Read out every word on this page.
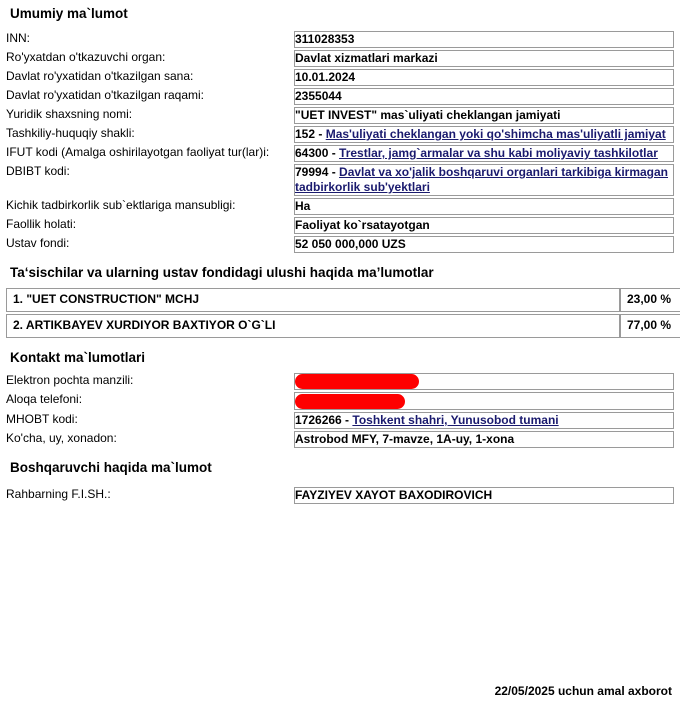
Umumiy ma`lumot
INN:	311028353
Ro'yxatdan o'tkazuvchi organ:	Davlat xizmatlari markazi
Davlat ro'yxatidan o'tkazilgan sana:	10.01.2024
Davlat ro'yxatidan o'tkazilgan raqami:	2355044
Yuridik shaxsning nomi:	"UET INVEST" mas`uliyati cheklangan jamiyati
Tashkiliy-huquqiy shakli:	152 - Mas'uliyati cheklangan yoki qo'shimcha mas'uliyatli jamiyat
IFUT kodi (Amalga oshirilayotgan faoliyat tur(lar)i:	64300 - Trestlar, jamg`armalar va shu kabi moliyaviy tashkilotlar
DBIBT kodi:	79994 - Davlat va xo'jalik boshqaruvi organlari tarkibiga kirmagan tadbirkorlik sub'yektlari
Kichik tadbirkorlik sub`ektlariga mansubligi:	Ha
Faollik holati:	Faoliyat ko`rsatayotgan
Ustav fondi:	52 050 000,000 UZS
Ta‘sischilar va ularning ustav fondidagi ulushi haqida ma’lumotlar
1. "UET CONSTRUCTION" MCHJ	23,00 %
2. ARTIKBAYEV XURDIYOR BAXTIYOR O`G`LI	77,00 %
Kontakt ma`lumotlari
Elektron pochta manzili:	
Aloqa telefoni:	
MHOBT kodi:	1726266 - Toshkent shahri, Yunusobod tumani
Ko'cha, uy, xonadon:	Astrobod MFY, 7-mavze, 1A-uy, 1-xona
Boshqaruvchi haqida ma`lumot
Rahbarning F.I.SH.:	FAYZIYEV XAYOT BAXODIROVICH
22/05/2025 uchun amal axborot
